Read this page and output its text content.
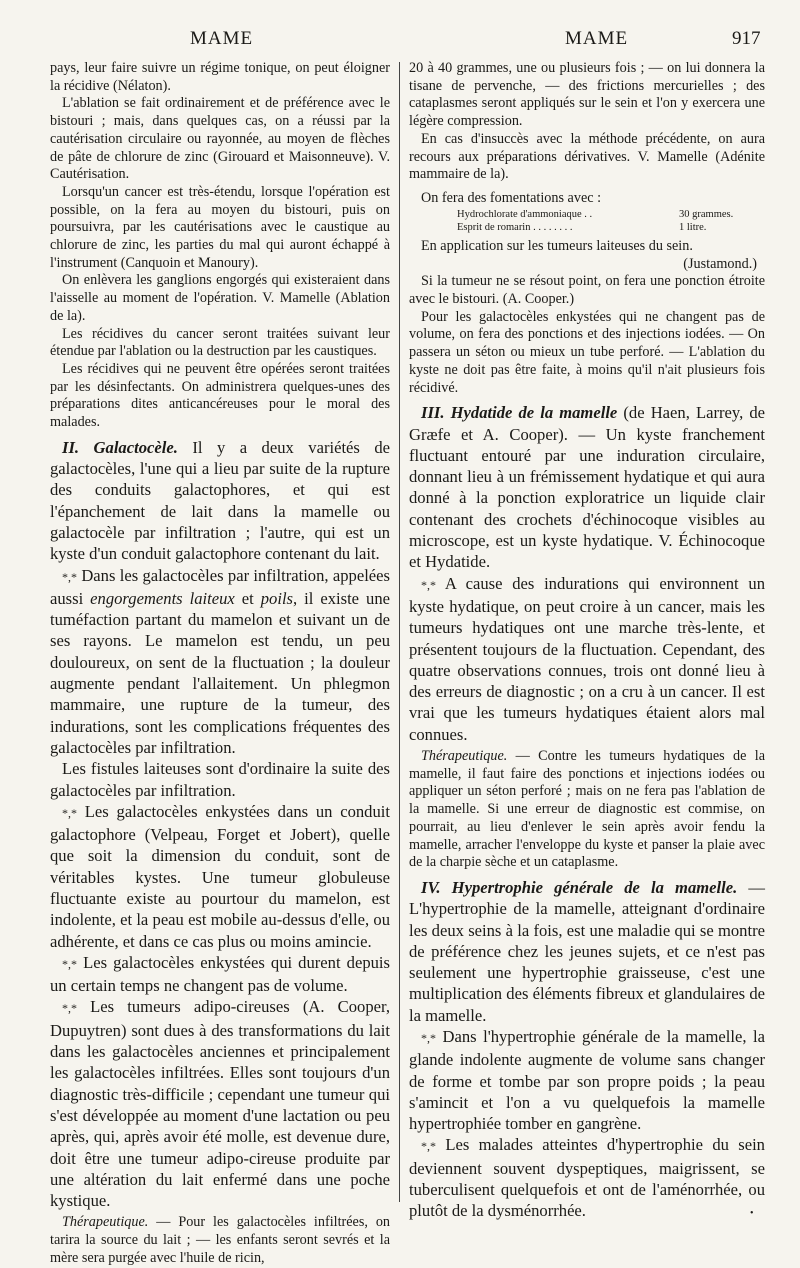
MAME	MAME	917

pays, leur faire suivre un régime tonique, on peut éloigner la récidive (Nélaton).

L'ablation se fait ordinairement et de préférence avec le bistouri ; mais, dans quelques cas, on a réussi par la cautérisation circulaire ou rayonnée, au moyen de flèches de pâte de chlorure de zinc (Girouard et Maisonneuve). V. Cautérisation.

Lorsqu'un cancer est très-étendu, lorsque l'opération est possible, on la fera au moyen du bistouri, puis on poursuivra, par les cautérisations avec le caustique au chlorure de zinc, les parties du mal qui auront échappé à l'instrument (Canquoin et Manoury).

On enlèvera les ganglions engorgés qui existeraient dans l'aisselle au moment de l'opération. V. Mamelle (Ablation de la).

Les récidives du cancer seront traitées suivant leur étendue par l'ablation ou la destruction par les caustiques.

Les récidives qui ne peuvent être opérées seront traitées par les désinfectants. On administrera quelques-unes des préparations dites anticancéreuses pour le moral des malades.

II. Galactocèle. Il y a deux variétés de galactocèles, l'une qui a lieu par suite de la rupture des conduits galactophores, et qui est l'épanchement de lait dans la mamelle ou galactocèle par infiltration ; l'autre, qui est un kyste d'un conduit galactophore contenant du lait.

*,* Dans les galactocèles par infiltration, appelées aussi engorgements laiteux et poils, il existe une tuméfaction partant du mamelon et suivant un de ses rayons. Le mamelon est tendu, un peu douloureux, on sent de la fluctuation ; la douleur augmente pendant l'allaitement. Un phlegmon mammaire, une rupture de la tumeur, des indurations, sont les complications fréquentes des galactocèles par infiltration.

Les fistules laiteuses sont d'ordinaire la suite des galactocèles par infiltration.

*,* Les galactocèles enkystées dans un conduit galactophore (Velpeau, Forget et Jobert), quelle que soit la dimension du conduit, sont de véritables kystes. Une tumeur globuleuse fluctuante existe au pourtour du mamelon, est indolente, et la peau est mobile au-dessus d'elle, ou adhérente, et dans ce cas plus ou moins amincie.

*,* Les galactocèles enkystées qui durent depuis un certain temps ne changent pas de volume.

*,* Les tumeurs adipo-cireuses (A. Cooper, Dupuytren) sont dues à des transformations du lait dans les galactocèles anciennes et principalement les galactocèles infiltrées. Elles sont toujours d'un diagnostic très-difficile ; cependant une tumeur qui s'est développée au moment d'une lactation ou peu après, qui, après avoir été molle, est devenue dure, doit être une tumeur adipo-cireuse produite par une altération du lait enfermé dans une poche kystique.

Thérapeutique. — Pour les galactocèles infiltrées, on tarira la source du lait ; — les enfants seront sevrés et la mère sera purgée avec l'huile de ricin,

20 à 40 grammes, une ou plusieurs fois ; — on lui donnera la tisane de pervenche, — des frictions mercurielles ; des cataplasmes seront appliqués sur le sein et l'on y exercera une légère compression.

En cas d'insuccès avec la méthode précédente, on aura recours aux préparations dérivatives. V. Mamelle (Adénite mammaire de la).

On fera des fomentations avec :
Hydrochlorate d'ammoniaque . .	30 grammes.
Esprit de romarin . . . . . . . .	1 litre.

En application sur les tumeurs laiteuses du sein.

(Justamond.)

Si la tumeur ne se résout point, on fera une ponction étroite avec le bistouri. (A. Cooper.)

Pour les galactocèles enkystées qui ne changent pas de volume, on fera des ponctions et des injections iodées. — On passera un séton ou mieux un tube perforé. — L'ablation du kyste ne doit pas être faite, à moins qu'il n'ait plusieurs fois récidivé.

III. Hydatide de la mamelle (de Haen, Larrey, de Græfe et A. Cooper). — Un kyste franchement fluctuant entouré par une induration circulaire, donnant lieu à un frémissement hydatique et qui aura donné à la ponction exploratrice un liquide clair contenant des crochets d'échinocoque visibles au microscope, est un kyste hydatique. V. Échinocoque et Hydatide.

*,* A cause des indurations qui environnent un kyste hydatique, on peut croire à un cancer, mais les tumeurs hydatiques ont une marche très-lente, et présentent toujours de la fluctuation. Cependant, des quatre observations connues, trois ont donné lieu à des erreurs de diagnostic ; on a cru à un cancer. Il est vrai que les tumeurs hydatiques étaient alors mal connues.

Thérapeutique. — Contre les tumeurs hydatiques de la mamelle, il faut faire des ponctions et injections iodées ou appliquer un séton perforé ; mais on ne fera pas l'ablation de la mamelle. Si une erreur de diagnostic est commise, on pourrait, au lieu d'enlever le sein après avoir fendu la mamelle, arracher l'enveloppe du kyste et panser la plaie avec de la charpie sèche et un cataplasme.

IV. Hypertrophie générale de la mamelle. — L'hypertrophie de la mamelle, atteignant d'ordinaire les deux seins à la fois, est une maladie qui se montre de préférence chez les jeunes sujets, et ce n'est pas seulement une hypertrophie graisseuse, c'est une multiplication des éléments fibreux et glandulaires de la mamelle.

*,* Dans l'hypertrophie générale de la mamelle, la glande indolente augmente de volume sans changer de forme et tombe par son propre poids ; la peau s'amincit et l'on a vu quelquefois la mamelle hypertrophiée tomber en gangrène.

*,* Les malades atteintes d'hypertrophie du sein deviennent souvent dyspeptiques, maigrissent, se tuberculisent quelquefois et ont de l'aménorrhée, ou plutôt de la dysménorrhée.	•
